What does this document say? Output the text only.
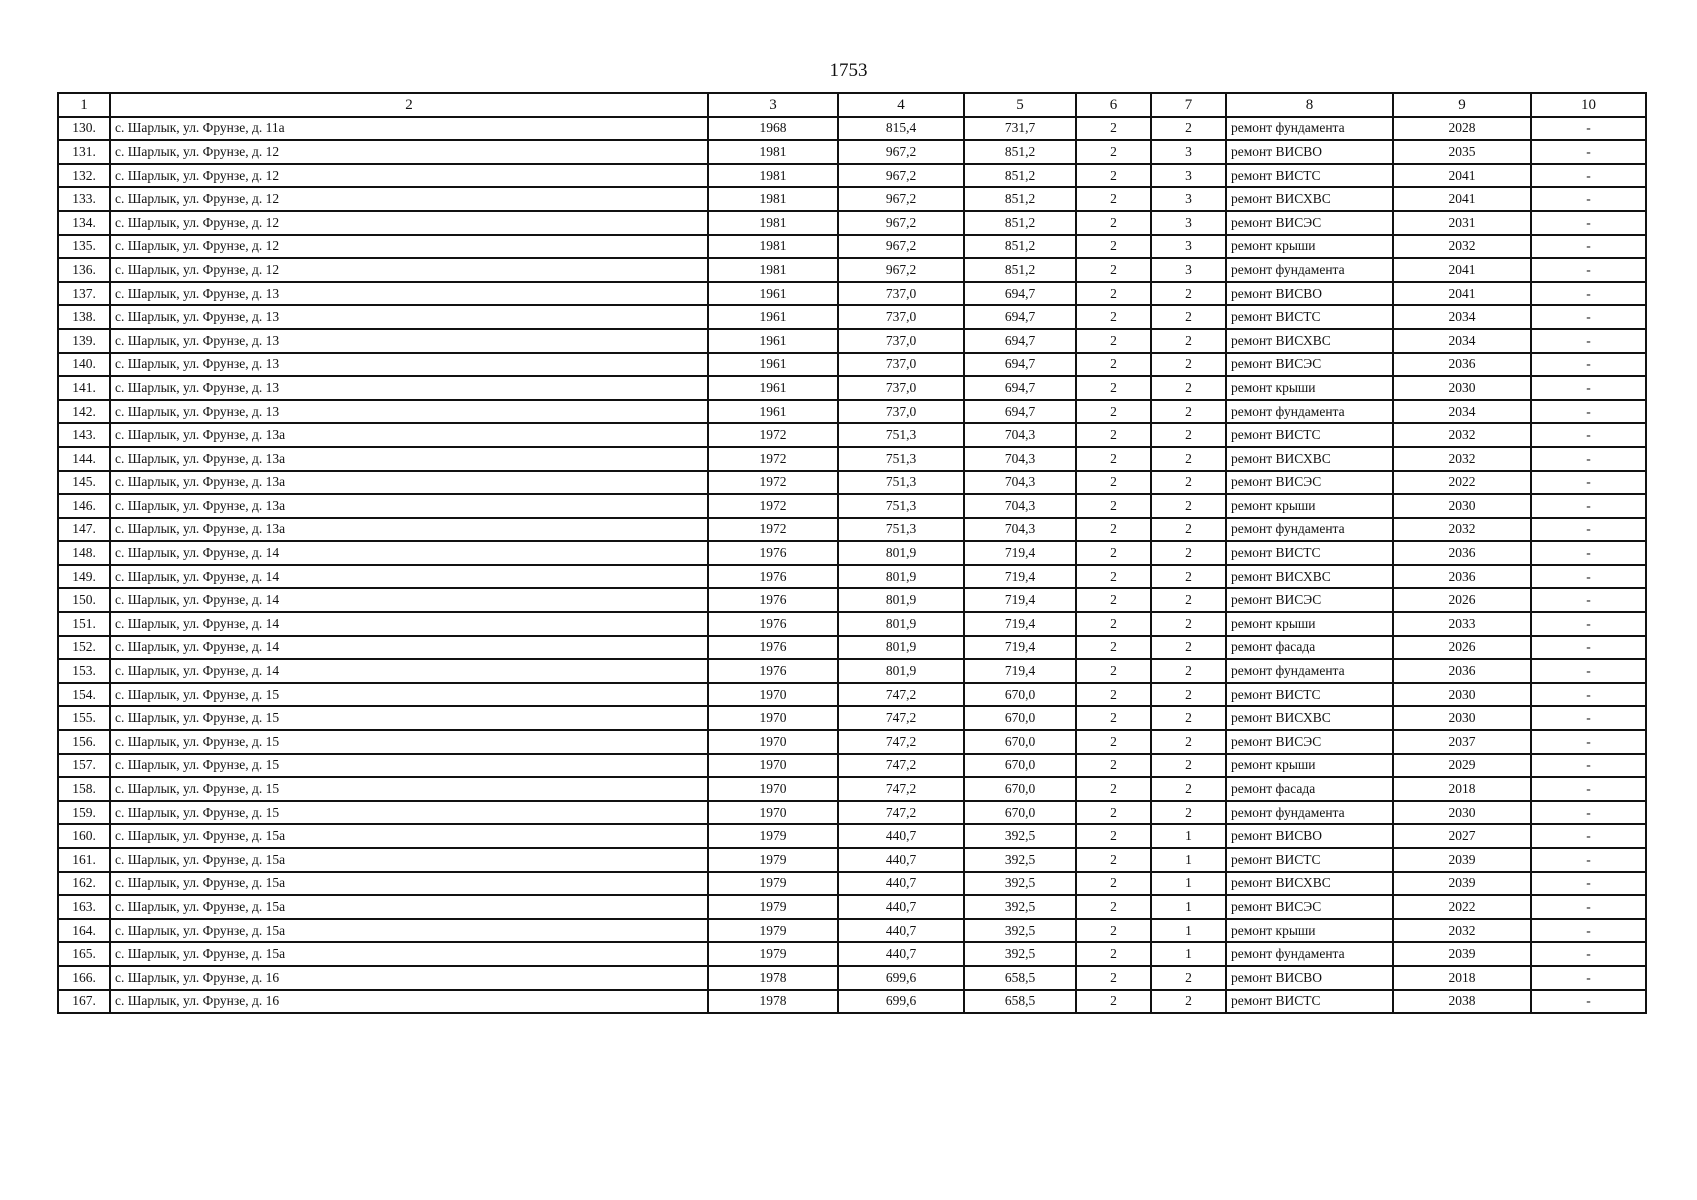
1753
1	2	3	4	5	6	7	8	9	10
130.	с. Шарлык, ул. Фрунзе, д. 11а	1968	815,4	731,7	2	2	ремонт фундамента	2028	-
131.	с. Шарлык, ул. Фрунзе, д. 12	1981	967,2	851,2	2	3	ремонт ВИСВО	2035	-
132.	с. Шарлык, ул. Фрунзе, д. 12	1981	967,2	851,2	2	3	ремонт ВИСТС	2041	-
133.	с. Шарлык, ул. Фрунзе, д. 12	1981	967,2	851,2	2	3	ремонт ВИСХВС	2041	-
134.	с. Шарлык, ул. Фрунзе, д. 12	1981	967,2	851,2	2	3	ремонт ВИСЭС	2031	-
135.	с. Шарлык, ул. Фрунзе, д. 12	1981	967,2	851,2	2	3	ремонт крыши	2032	-
136.	с. Шарлык, ул. Фрунзе, д. 12	1981	967,2	851,2	2	3	ремонт фундамента	2041	-
137.	с. Шарлык, ул. Фрунзе, д. 13	1961	737,0	694,7	2	2	ремонт ВИСВО	2041	-
138.	с. Шарлык, ул. Фрунзе, д. 13	1961	737,0	694,7	2	2	ремонт ВИСТС	2034	-
139.	с. Шарлык, ул. Фрунзе, д. 13	1961	737,0	694,7	2	2	ремонт ВИСХВС	2034	-
140.	с. Шарлык, ул. Фрунзе, д. 13	1961	737,0	694,7	2	2	ремонт ВИСЭС	2036	-
141.	с. Шарлык, ул. Фрунзе, д. 13	1961	737,0	694,7	2	2	ремонт крыши	2030	-
142.	с. Шарлык, ул. Фрунзе, д. 13	1961	737,0	694,7	2	2	ремонт фундамента	2034	-
143.	с. Шарлык, ул. Фрунзе, д. 13а	1972	751,3	704,3	2	2	ремонт ВИСТС	2032	-
144.	с. Шарлык, ул. Фрунзе, д. 13а	1972	751,3	704,3	2	2	ремонт ВИСХВС	2032	-
145.	с. Шарлык, ул. Фрунзе, д. 13а	1972	751,3	704,3	2	2	ремонт ВИСЭС	2022	-
146.	с. Шарлык, ул. Фрунзе, д. 13а	1972	751,3	704,3	2	2	ремонт крыши	2030	-
147.	с. Шарлык, ул. Фрунзе, д. 13а	1972	751,3	704,3	2	2	ремонт фундамента	2032	-
148.	с. Шарлык, ул. Фрунзе, д. 14	1976	801,9	719,4	2	2	ремонт ВИСТС	2036	-
149.	с. Шарлык, ул. Фрунзе, д. 14	1976	801,9	719,4	2	2	ремонт ВИСХВС	2036	-
150.	с. Шарлык, ул. Фрунзе, д. 14	1976	801,9	719,4	2	2	ремонт ВИСЭС	2026	-
151.	с. Шарлык, ул. Фрунзе, д. 14	1976	801,9	719,4	2	2	ремонт крыши	2033	-
152.	с. Шарлык, ул. Фрунзе, д. 14	1976	801,9	719,4	2	2	ремонт фасада	2026	-
153.	с. Шарлык, ул. Фрунзе, д. 14	1976	801,9	719,4	2	2	ремонт фундамента	2036	-
154.	с. Шарлык, ул. Фрунзе, д. 15	1970	747,2	670,0	2	2	ремонт ВИСТС	2030	-
155.	с. Шарлык, ул. Фрунзе, д. 15	1970	747,2	670,0	2	2	ремонт ВИСХВС	2030	-
156.	с. Шарлык, ул. Фрунзе, д. 15	1970	747,2	670,0	2	2	ремонт ВИСЭС	2037	-
157.	с. Шарлык, ул. Фрунзе, д. 15	1970	747,2	670,0	2	2	ремонт крыши	2029	-
158.	с. Шарлык, ул. Фрунзе, д. 15	1970	747,2	670,0	2	2	ремонт фасада	2018	-
159.	с. Шарлык, ул. Фрунзе, д. 15	1970	747,2	670,0	2	2	ремонт фундамента	2030	-
160.	с. Шарлык, ул. Фрунзе, д. 15а	1979	440,7	392,5	2	1	ремонт ВИСВО	2027	-
161.	с. Шарлык, ул. Фрунзе, д. 15а	1979	440,7	392,5	2	1	ремонт ВИСТС	2039	-
162.	с. Шарлык, ул. Фрунзе, д. 15а	1979	440,7	392,5	2	1	ремонт ВИСХВС	2039	-
163.	с. Шарлык, ул. Фрунзе, д. 15а	1979	440,7	392,5	2	1	ремонт ВИСЭС	2022	-
164.	с. Шарлык, ул. Фрунзе, д. 15а	1979	440,7	392,5	2	1	ремонт крыши	2032	-
165.	с. Шарлык, ул. Фрунзе, д. 15а	1979	440,7	392,5	2	1	ремонт фундамента	2039	-
166.	с. Шарлык, ул. Фрунзе, д. 16	1978	699,6	658,5	2	2	ремонт ВИСВО	2018	-
167.	с. Шарлык, ул. Фрунзе, д. 16	1978	699,6	658,5	2	2	ремонт ВИСТС	2038	-
